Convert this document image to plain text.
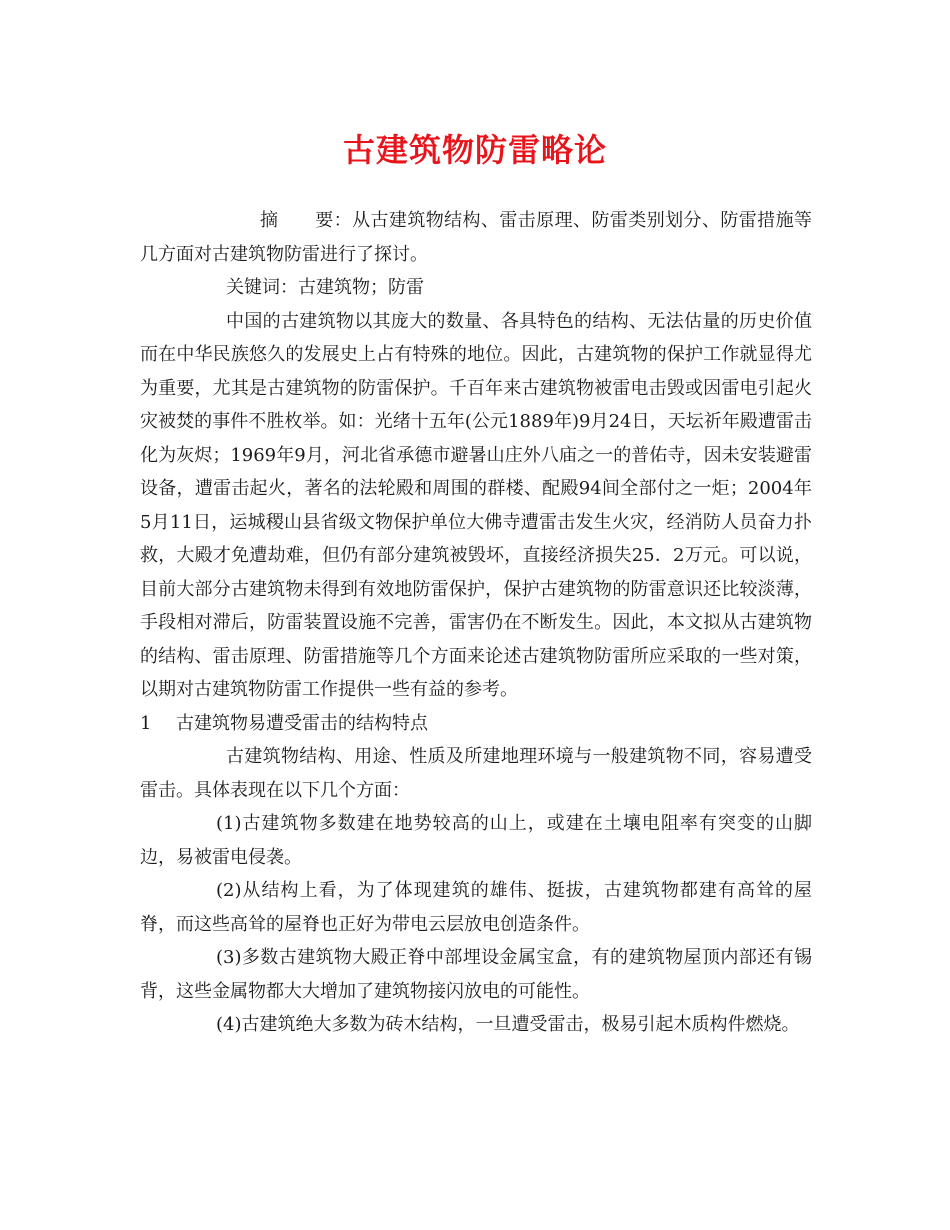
古建筑物防雷略论

摘　　要：从古建筑物结构、雷击原理、防雷类别划分、防雷措施等几方面对古建筑物防雷进行了探讨。

关键词：古建筑物；防雷

中国的古建筑物以其庞大的数量、各具特色的结构、无法估量的历史价值而在中华民族悠久的发展史上占有特殊的地位。因此，古建筑物的保护工作就显得尤为重要，尤其是古建筑物的防雷保护。千百年来古建筑物被雷电击毁或因雷电引起火灾被焚的事件不胜枚举。如：光绪十五年(公元1889年)9月24日，天坛祈年殿遭雷击化为灰烬；1969年9月，河北省承德市避暑山庄外八庙之一的普佑寺，因未安装避雷设备，遭雷击起火，著名的法轮殿和周围的群楼、配殿94间全部付之一炬；2004年5月11日，运城稷山县省级文物保护单位大佛寺遭雷击发生火灾，经消防人员奋力扑救，大殿才免遭劫难，但仍有部分建筑被毁坏，直接经济损失25．2万元。可以说，目前大部分古建筑物未得到有效地防雷保护，保护古建筑物的防雷意识还比较淡薄，手段相对滞后，防雷装置设施不完善，雷害仍在不断发生。因此，本文拟从古建筑物的结构、雷击原理、防雷措施等几个方面来论述古建筑物防雷所应采取的一些对策，以期对古建筑物防雷工作提供一些有益的参考。

1	古建筑物易遭受雷击的结构特点

古建筑物结构、用途、性质及所建地理环境与一般建筑物不同，容易遭受雷击。具体表现在以下几个方面：

(1)古建筑物多数建在地势较高的山上，或建在土壤电阻率有突变的山脚边，易被雷电侵袭。

(2)从结构上看，为了体现建筑的雄伟、挺拔，古建筑物都建有高耸的屋脊，而这些高耸的屋脊也正好为带电云层放电创造条件。

(3)多数古建筑物大殿正脊中部埋设金属宝盒，有的建筑物屋顶内部还有锡背，这些金属物都大大增加了建筑物接闪放电的可能性。

(4)古建筑绝大多数为砖木结构，一旦遭受雷击，极易引起木质构件燃烧。
